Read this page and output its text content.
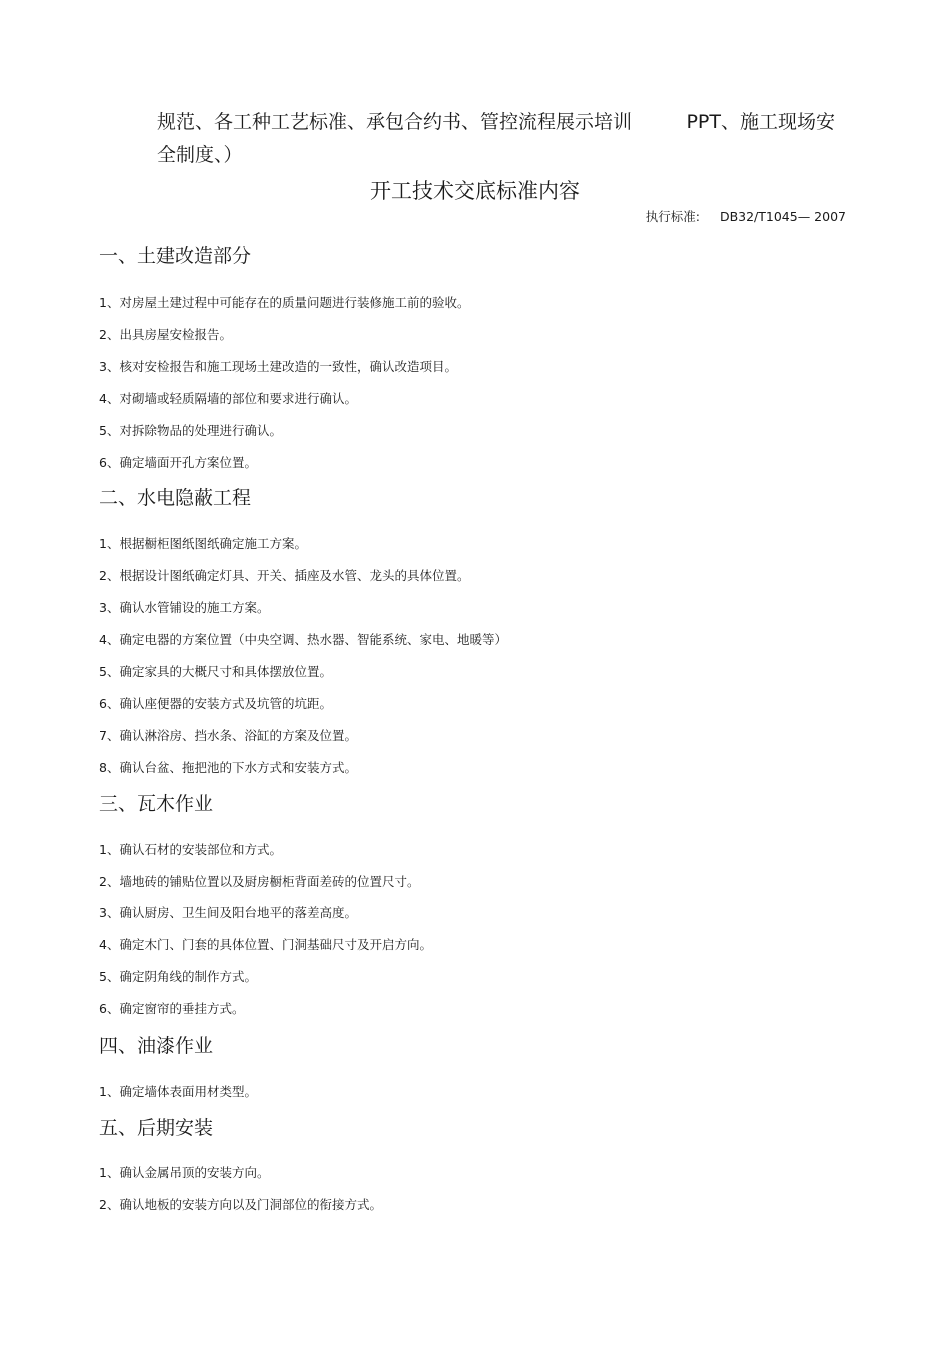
规范、各工种工艺标准、承包合约书、管控流程展示培训	PPT、施工现场安
全制度、）
开工技术交底标准内容
执行标准: DB32/T1045— 2007
一、土建改造部分
1、对房屋土建过程中可能存在的质量问题进行装修施工前的验收。
2、出具房屋安检报告。
3、核对安检报告和施工现场土建改造的一致性，确认改造项目。
4、对砌墙或轻质隔墙的部位和要求进行确认。
5、对拆除物品的处理进行确认。
6、确定墙面开孔方案位置。
二、水电隐蔽工程
1、根据橱柜图纸图纸确定施工方案。
2、根据设计图纸确定灯具、开关、插座及水管、龙头的具体位置。
3、确认水管铺设的施工方案。
4、确定电器的方案位置（中央空调、热水器、智能系统、家电、地暖等）
5、确定家具的大概尺寸和具体摆放位置。
6、确认座便器的安装方式及坑管的坑距。
7、确认淋浴房、挡水条、浴缸的方案及位置。
8、确认台盆、拖把池的下水方式和安装方式。
三、瓦木作业
1、确认石材的安装部位和方式。
2、墙地砖的铺贴位置以及厨房橱柜背面差砖的位置尺寸。
3、确认厨房、卫生间及阳台地平的落差高度。
4、确定木门、门套的具体位置、门洞基础尺寸及开启方向。
5、确定阴角线的制作方式。
6、确定窗帘的垂挂方式。
四、油漆作业
1、确定墙体表面用材类型。
五、后期安装
1、确认金属吊顶的安装方向。
2、确认地板的安装方向以及门洞部位的衔接方式。
